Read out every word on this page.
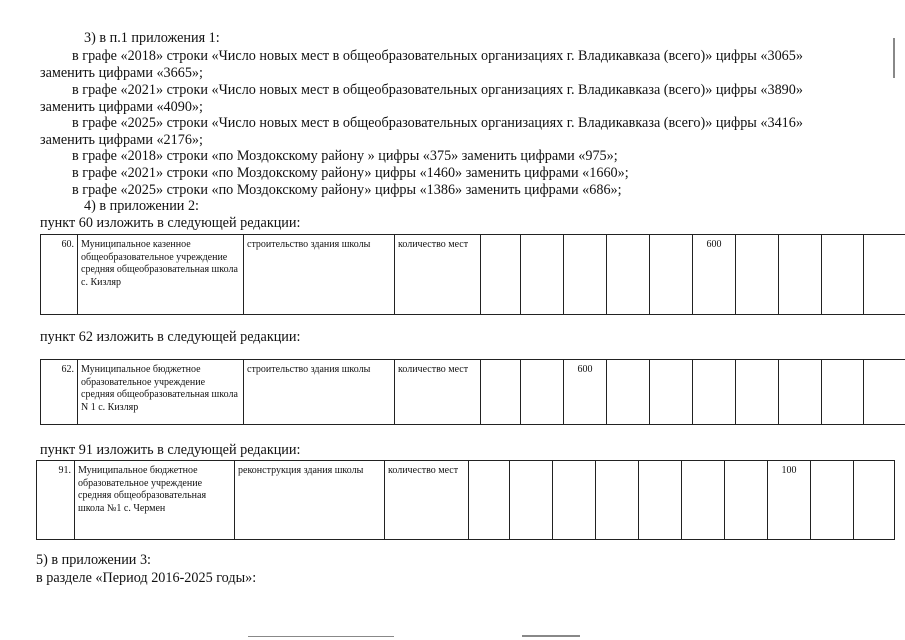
3) в п.1 приложения 1:
в графе «2018» строки «Число новых мест в общеобразовательных организациях г. Владикавказа (всего)» цифры «3065»
заменить цифрами «3665»;
в графе «2021» строки «Число новых мест в общеобразовательных организациях г. Владикавказа (всего)» цифры «3890»
заменить цифрами «4090»;
в графе «2025» строки «Число новых мест в общеобразовательных организациях г. Владикавказа (всего)» цифры «3416»
заменить цифрами «2176»;
в графе «2018» строки «по Моздокскому району » цифры «375» заменить цифрами «975»;
в графе «2021» строки «по Моздокскому району» цифры «1460» заменить цифрами «1660»;
в графе «2025» строки «по Моздокскому району» цифры «1386» заменить цифрами «686»;
4) в приложении 2:
пункт 60 изложить в следующей редакции:
60.	Муниципальное казенное общеобразовательное учреждение средняя общеобразовательная школа с. Кизляр	строительство здания школы	количество мест						600				
пункт 62 изложить в следующей редакции:
62.	Муниципальное бюджетное образовательное учреждение средняя общеобразовательная школа N 1 с. Кизляр	строительство здания школы	количество мест			600							
пункт 91 изложить в следующей редакции:
91.	Муниципальное бюджетное образовательное учреждение средняя общеобразовательная школа №1 с. Чермен	реконструкция здания школы	количество мест								100		
5) в приложении 3:
в разделе «Период 2016-2025 годы»:
